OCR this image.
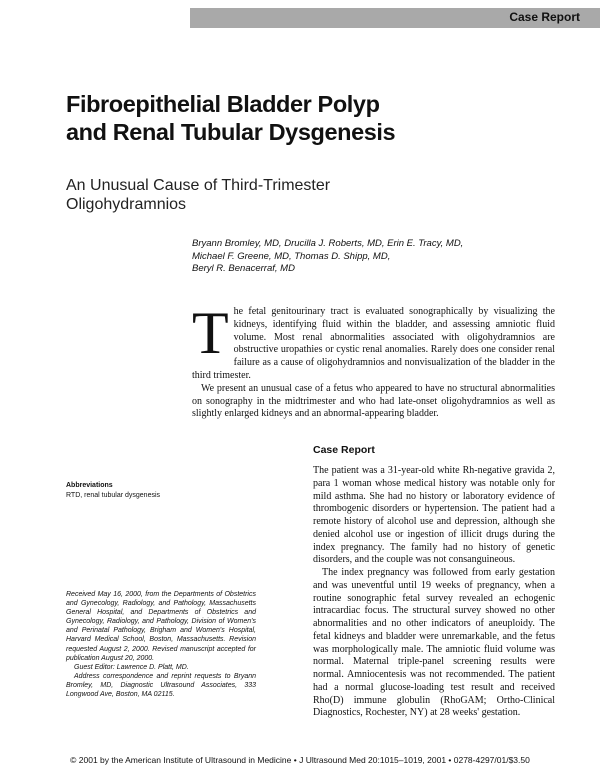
Case Report
Fibroepithelial Bladder Polyp and Renal Tubular Dysgenesis
An Unusual Cause of Third-Trimester Oligohydramnios
Bryann Bromley, MD, Drucilla J. Roberts, MD, Erin E. Tracy, MD,
Michael F. Greene, MD, Thomas D. Shipp, MD,
Beryl R. Benacerraf, MD
T he fetal genitourinary tract is evaluated sonographically by visualizing the kidneys, identifying fluid within the bladder, and assessing amniotic fluid volume. Most renal abnormalities associated with oligohydramnios are obstructive uropathies or cystic renal anomalies. Rarely does one consider renal failure as a cause of oligohydramnios and nonvisualization of the bladder in the third trimester.

We present an unusual case of a fetus who appeared to have no structural abnormalities on sonography in the midtrimester and who had late-onset oligohydramnios as well as slightly enlarged kidneys and an abnormal-appearing bladder.

Case Report

The patient was a 31-year-old white Rh-negative gravida 2, para 1 woman whose medical history was notable only for mild asthma. She had no history or laboratory evidence of thrombogenic disorders or hypertension. The patient had a remote history of alcohol use and depression, although she denied alcohol use or ingestion of illicit drugs during the index pregnancy. The family had no history of genetic disorders, and the couple was not consanguineous.

The index pregnancy was followed from early gestation and was uneventful until 19 weeks of pregnancy, when a routine sonographic fetal survey revealed an echogenic intracardiac focus. The structural survey showed no other abnormalities and no other indicators of aneuploidy. The fetal kidneys and bladder were unremarkable, and the fetus was morphologically male. The amniotic fluid volume was normal. Maternal triple-panel screening results were normal. Amniocentesis was not recommended. The patient had a normal glucose-loading test result and received Rho(D) immune globulin (RhoGAM; Ortho-Clinical Diagnostics, Rochester, NY) at 28 weeks' gestation.

Abbreviations
RTD, renal tubular dysgenesis

Received May 16, 2000, from the Departments of Obstetrics and Gynecology, Radiology, and Pathology, Massachusetts General Hospital, and Departments of Obstetrics and Gynecology, Radiology, and Pathology, Division of Women's and Perinatal Pathology, Brigham and Women's Hospital, Harvard Medical School, Boston, Massachusetts. Revision requested August 2, 2000. Revised manuscript accepted for publication August 20, 2000.

Guest Editor: Lawrence D. Platt, MD.

Address correspondence and reprint requests to Bryann Bromley, MD, Diagnostic Ultrasound Associates, 333 Longwood Ave, Boston, MA 02115.

© 2001 by the American Institute of Ultrasound in Medicine • J Ultrasound Med 20:1015–1019, 2001 • 0278-4297/01/$3.50
